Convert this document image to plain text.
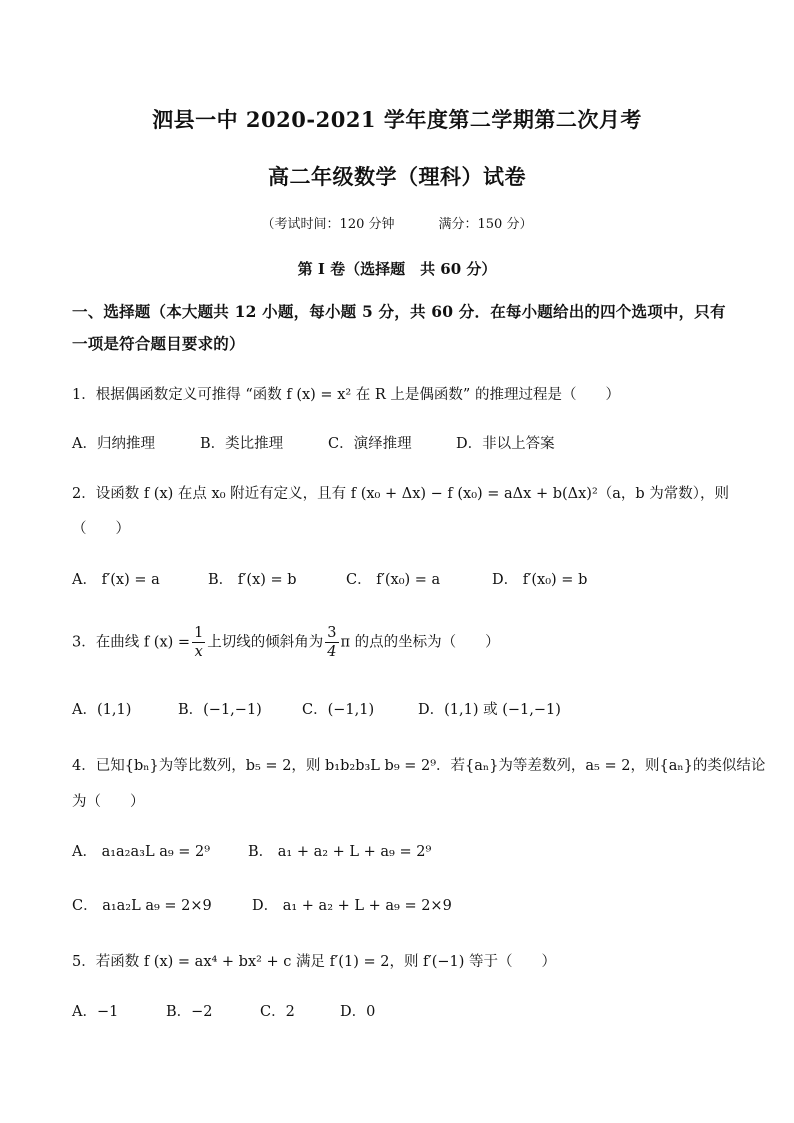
泗县一中 2020-2021 学年度第二学期第二次月考
高二年级数学（理科）试卷
（考试时间：120 分钟	满分：150 分）
第 I 卷（选择题　共 60 分）
一、选择题（本大题共 12 小题，每小题 5 分，共 60 分．在每小题给出的四个选项中，只有
一项是符合题目要求的）
1．根据偶函数定义可推得 “函数 f (x) = x² 在 R 上是偶函数” 的推理过程是（　　）
A．归纳推理	B．类比推理	C．演绎推理	D．非以上答案
2．设函数 f (x) 在点 x₀ 附近有定义，且有 f (x₀ + Δx) − f (x₀) = aΔx + b(Δx)²（a，b 为常数），则
（　　）
A． f′(x) = a	B． f′(x) = b	C． f′(x₀) = a	D． f′(x₀) = b
3．在曲线 f $(x) = \frac{1}{x}$ 上切线的倾斜角为 $\frac{3}{4}$ π 的点的坐标为（　　）
A．(1,1)	B．(−1,−1)	C．(−1,1)	D．(1,1) 或 (−1,−1)
4．已知{bₙ}为等比数列，b₅ = 2，则 b₁b₂b₃L b₉ = 2⁹．若{aₙ}为等差数列，a₅ = 2，则{aₙ}的类似结论
为（　　）
A． a₁a₂a₃L a₉ = 2⁹	B． a₁ + a₂ + L + a₉ = 2⁹
C． a₁a₂L a₉ = 2×9	D． a₁ + a₂ + L + a₉ = 2×9
5．若函数 f (x) = ax⁴ + bx² + c 满足 f′(1) = 2，则 f′(−1) 等于（　　）
A．−1	B．−2	C．2	D．0
